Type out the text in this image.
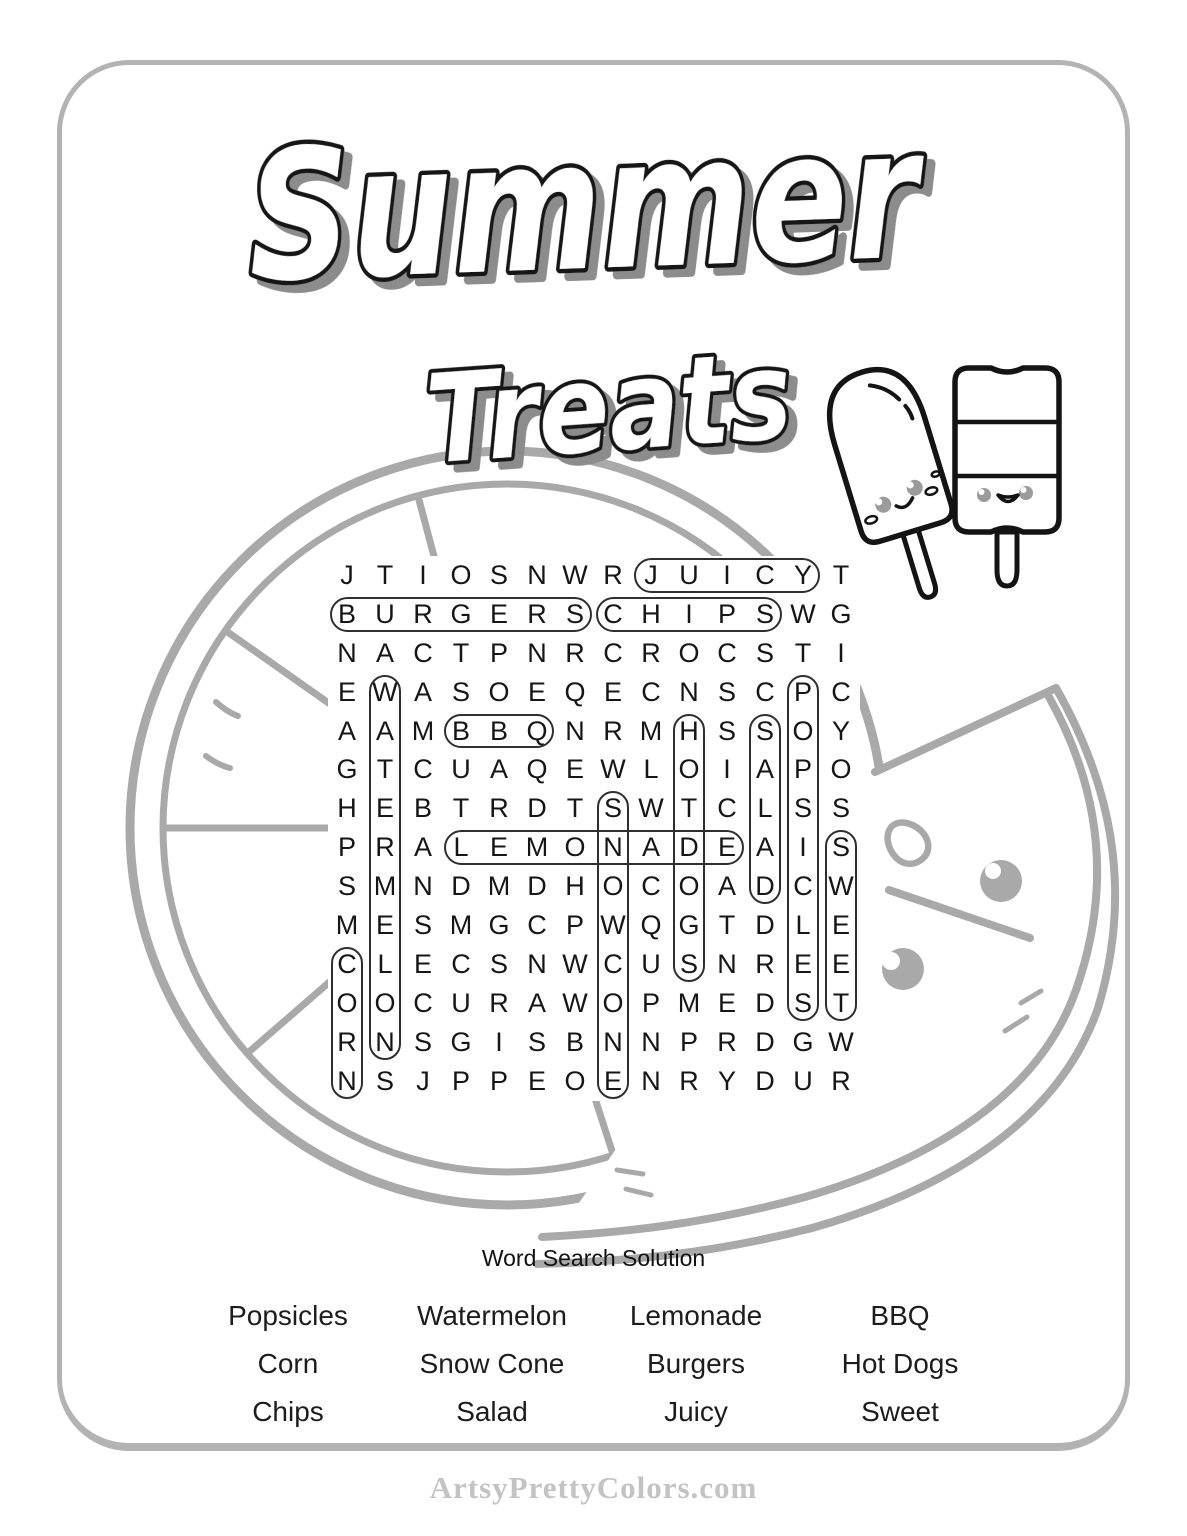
Summer
Treats
J T I O S N W R J U I C Y T
B U R G E R S C H I P S W G
N A C T P N R C R O C S T I
E W A S O E Q E C N S C P C
A A M B B Q N R M H S S O Y
G T C U A Q E W L O I A P O
H E B T R D T S W T C L S S
P R A L E M O N A D E A I S
S M N D M D H O C O A D C W
M E S M G C P W Q G T D L E
C L E C S N W C U S N R E E
O O C U R A W O P M E D S T
R N S G I S B N N P R D G W
N S J P P E O E N R Y D U R
Word Search Solution
Popsicles	Watermelon	Lemonade	BBQ
Corn	Snow Cone	Burgers	Hot Dogs
Chips	Salad	Juicy	Sweet
ArtsyPrettyColors.com
